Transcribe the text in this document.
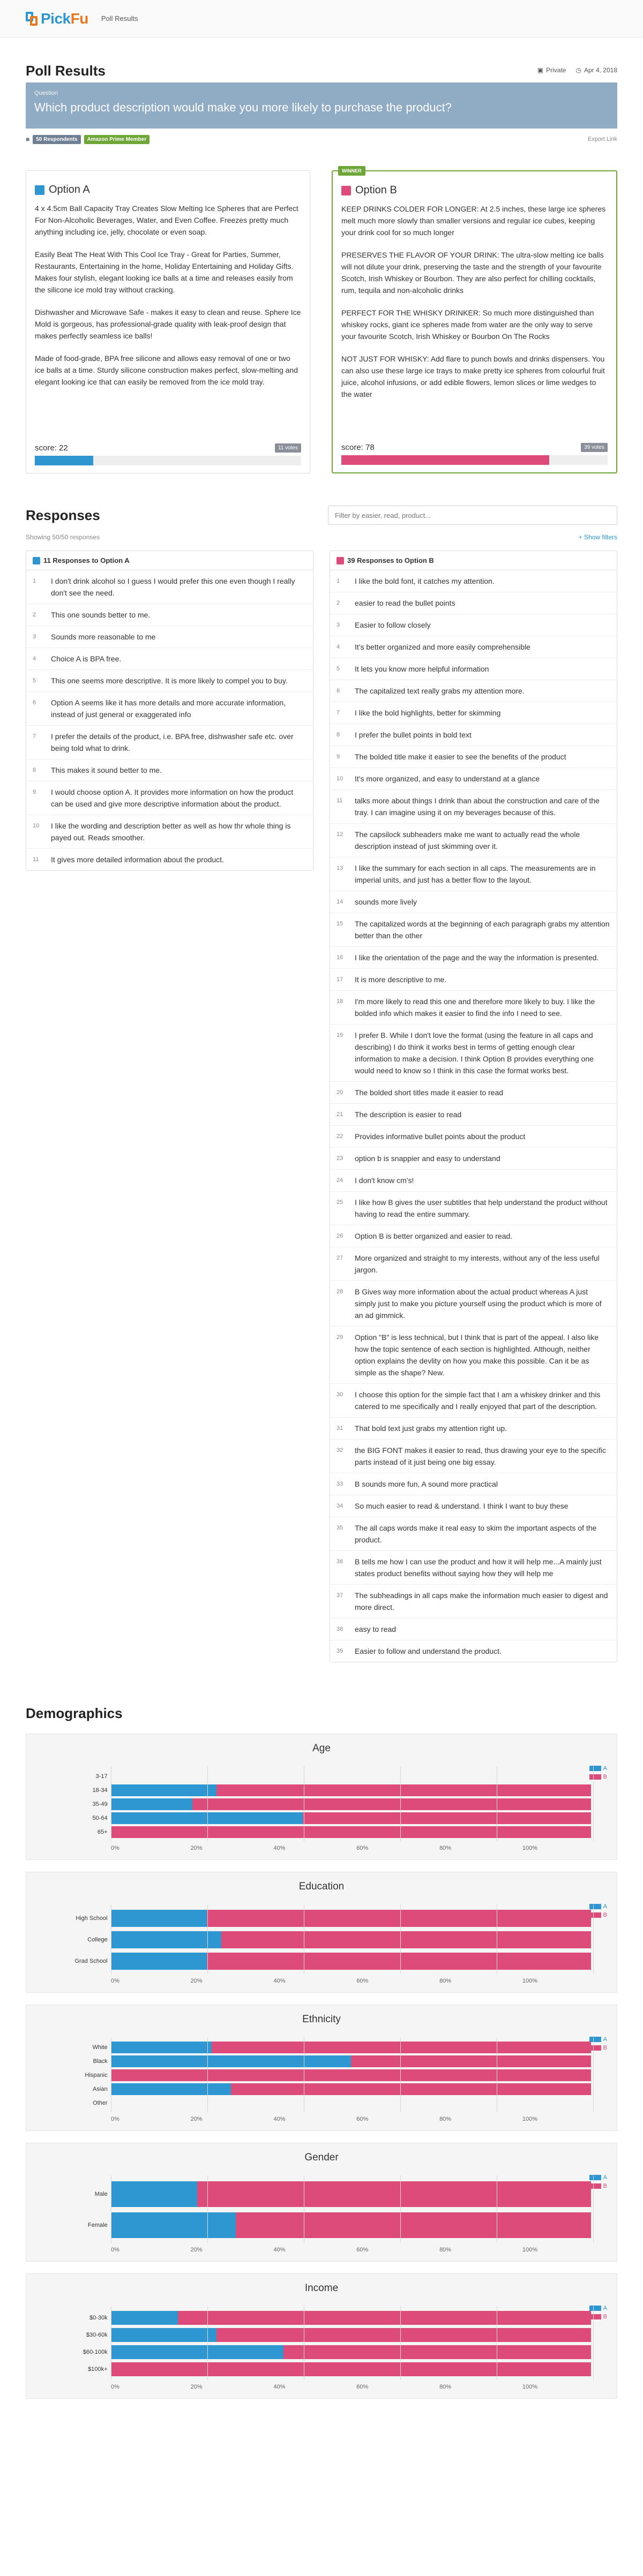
Pick Fu Poll Results
Poll Results	▣ Private ◷ Apr 4, 2018
Question
Which product description would make you more likely to purchase the product?
■	50 Respondents	Amazon Prime Member	Export Link
Option A

4 x 4.5cm Ball Capacity Tray Creates Slow Melting Ice Spheres that are Perfect For Non-Alcoholic Beverages, Water, and Even Coffee. Freezes pretty much anything including ice, jelly, chocolate or even soap.

Easily Beat The Heat With This Cool Ice Tray - Great for Parties, Summer, Restaurants, Entertaining in the home, Holiday Entertaining and Holiday Gifts. Makes four stylish, elegant looking ice balls at a time and releases easily from the silicone ice mold tray without cracking.

Dishwasher and Microwave Safe - makes it easy to clean and reuse. Sphere Ice Mold is gorgeous, has professional-grade quality with leak-proof design that makes perfectly seamless ice balls!

Made of food-grade, BPA free silicone and allows easy removal of one or two ice balls at a time. Sturdy silicone construction makes perfect, slow-melting and elegant looking ice that can easily be removed from the ice mold tray.

score: 22	11 votes
WINNER
Option B

KEEP DRINKS COLDER FOR LONGER: At 2.5 inches, these large ice spheres melt much more slowly than smaller versions and regular ice cubes, keeping your drink cool for so much longer

PRESERVES THE FLAVOR OF YOUR DRINK: The ultra-slow melting ice balls will not dilute your drink, preserving the taste and the strength of your favourite Scotch, Irish Whiskey or Bourbon. They are also perfect for chilling cocktails, rum, tequila and non-alcoholic drinks

PERFECT FOR THE WHISKY DRINKER: So much more distinguished than whiskey rocks, giant ice spheres made from water are the only way to serve your favourite Scotch, Irish Whiskey or Bourbon On The Rocks

NOT JUST FOR WHISKY: Add flare to punch bowls and drinks dispensers. You can also use these large ice trays to make pretty ice spheres from colourful fruit juice, alcohol infusions, or add edible flowers, lemon slices or lime wedges to the water

score: 78	39 votes
Responses
Filter by easier, read, product...
Showing 50/50 responses	+ Show filters
11 Responses to Option A
1	I don't drink alcohol so I guess I would prefer this one even though I really don't see the need.
2	This one sounds better to me.
3	Sounds more reasonable to me
4	Choice A is BPA free.
5	This one seems more descriptive. It is more likely to compel you to buy.
6	Option A seems like it has more details and more accurate information, instead of just general or exaggerated info
7	I prefer the details of the product, i.e. BPA free, dishwasher safe etc. over being told what to drink.
8	This makes it sound better to me.
9	I would choose option A. It provides more information on how the product can be used and give more descriptive information about the product.
10	I like the wording and description better as well as how thr whole thing is payed out. Reads smoother.
11	It gives more detailed information about the product.
39 Responses to Option B
1	I like the bold font, it catches my attention.
2	easier to read the bullet points
3	Easier to follow closely
4	It's better organized and more easily comprehensible
5	It lets you know more helpful information
6	The capitalized text really grabs my attention more.
7	I like the bold highlights, better for skimming
8	I prefer the bullet points in bold text
9	The bolded title make it easier to see the benefits of the product
10	It's more organized, and easy to understand at a glance
11	talks more about things I drink than about the construction and care of the tray. I can imagine using it on my beverages because of this.
12	The capsilock subheaders make me want to actually read the whole description instead of just skimming over it.
13	I like the summary for each section in all caps. The measurements are in imperial units, and just has a better flow to the layout.
14	sounds more lively
15	The capitalized words at the beginning of each paragraph grabs my attention better than the other
16	I like the orientation of the page and the way the information is presented.
17	It is more descriptive to me.
18	I'm more likely to read this one and therefore more likely to buy. I like the bolded info which makes it easier to find the info I need to see.
19	I prefer B. While I don't love the format (using the feature in all caps and describing) I do think it works best in terms of getting enough clear information to make a decision. I think Option B provides everything one would need to know so I think in this case the format works best.
20	The bolded short titles made it easier to read
21	The description is easier to read
22	Provides informative bullet points about the product
23	option b is snappier and easy to understand
24	I don't know cm's!
25	I like how B gives the user subtitles that help understand the product without having to read the entire summary.
26	Option B is better organized and easier to read.
27	More organized and straight to my interests, without any of the less useful jargon.
28	B Gives way more information about the actual product whereas A just simply just to make you picture yourself using the product which is more of an ad gimmick.
29	Option "B" is less technical, but I think that is part of the appeal. I also like how the topic sentence of each section is highlighted. Although, neither option explains the devlity on how you make this possible. Can it be as simple as the shape? New.
30	I choose this option for the simple fact that I am a whiskey drinker and this catered to me specifically and I really enjoyed that part of the description.
31	That bold text just grabs my attention right up.
32	the BIG FONT makes it easier to read, thus drawing your eye to the specific parts instead of it just being one big essay.
33	B sounds more fun, A sound more practical
34	So much easier to read & understand. I think I want to buy these
35	The all caps words make it real easy to skim the important aspects of the product.
36	B tells me how I can use the product and how it will help me...A mainly just states product benefits without saying how they will help me
37	The subheadings in all caps make the information much easier to digest and more direct.
38	easy to read
39	Easier to follow and understand the product.
Demographics
Age
A
B
3-17
18-34
35-49
50-64
65+
0%	20%	40%	60%	80%	100%
Education
A
B
High School
College
Grad School
0%	20%	40%	60%	80%	100%
Ethnicity
A
B
White
Black
Hispanic
Asian
Other
0%	20%	40%	60%	80%	100%
Gender
A
B
Male
Female
0%	20%	40%	60%	80%	100%
Income
A
B
$0-30k
$30-60k
$60-100k
$100k+
0%	20%	40%	60%	80%	100%
